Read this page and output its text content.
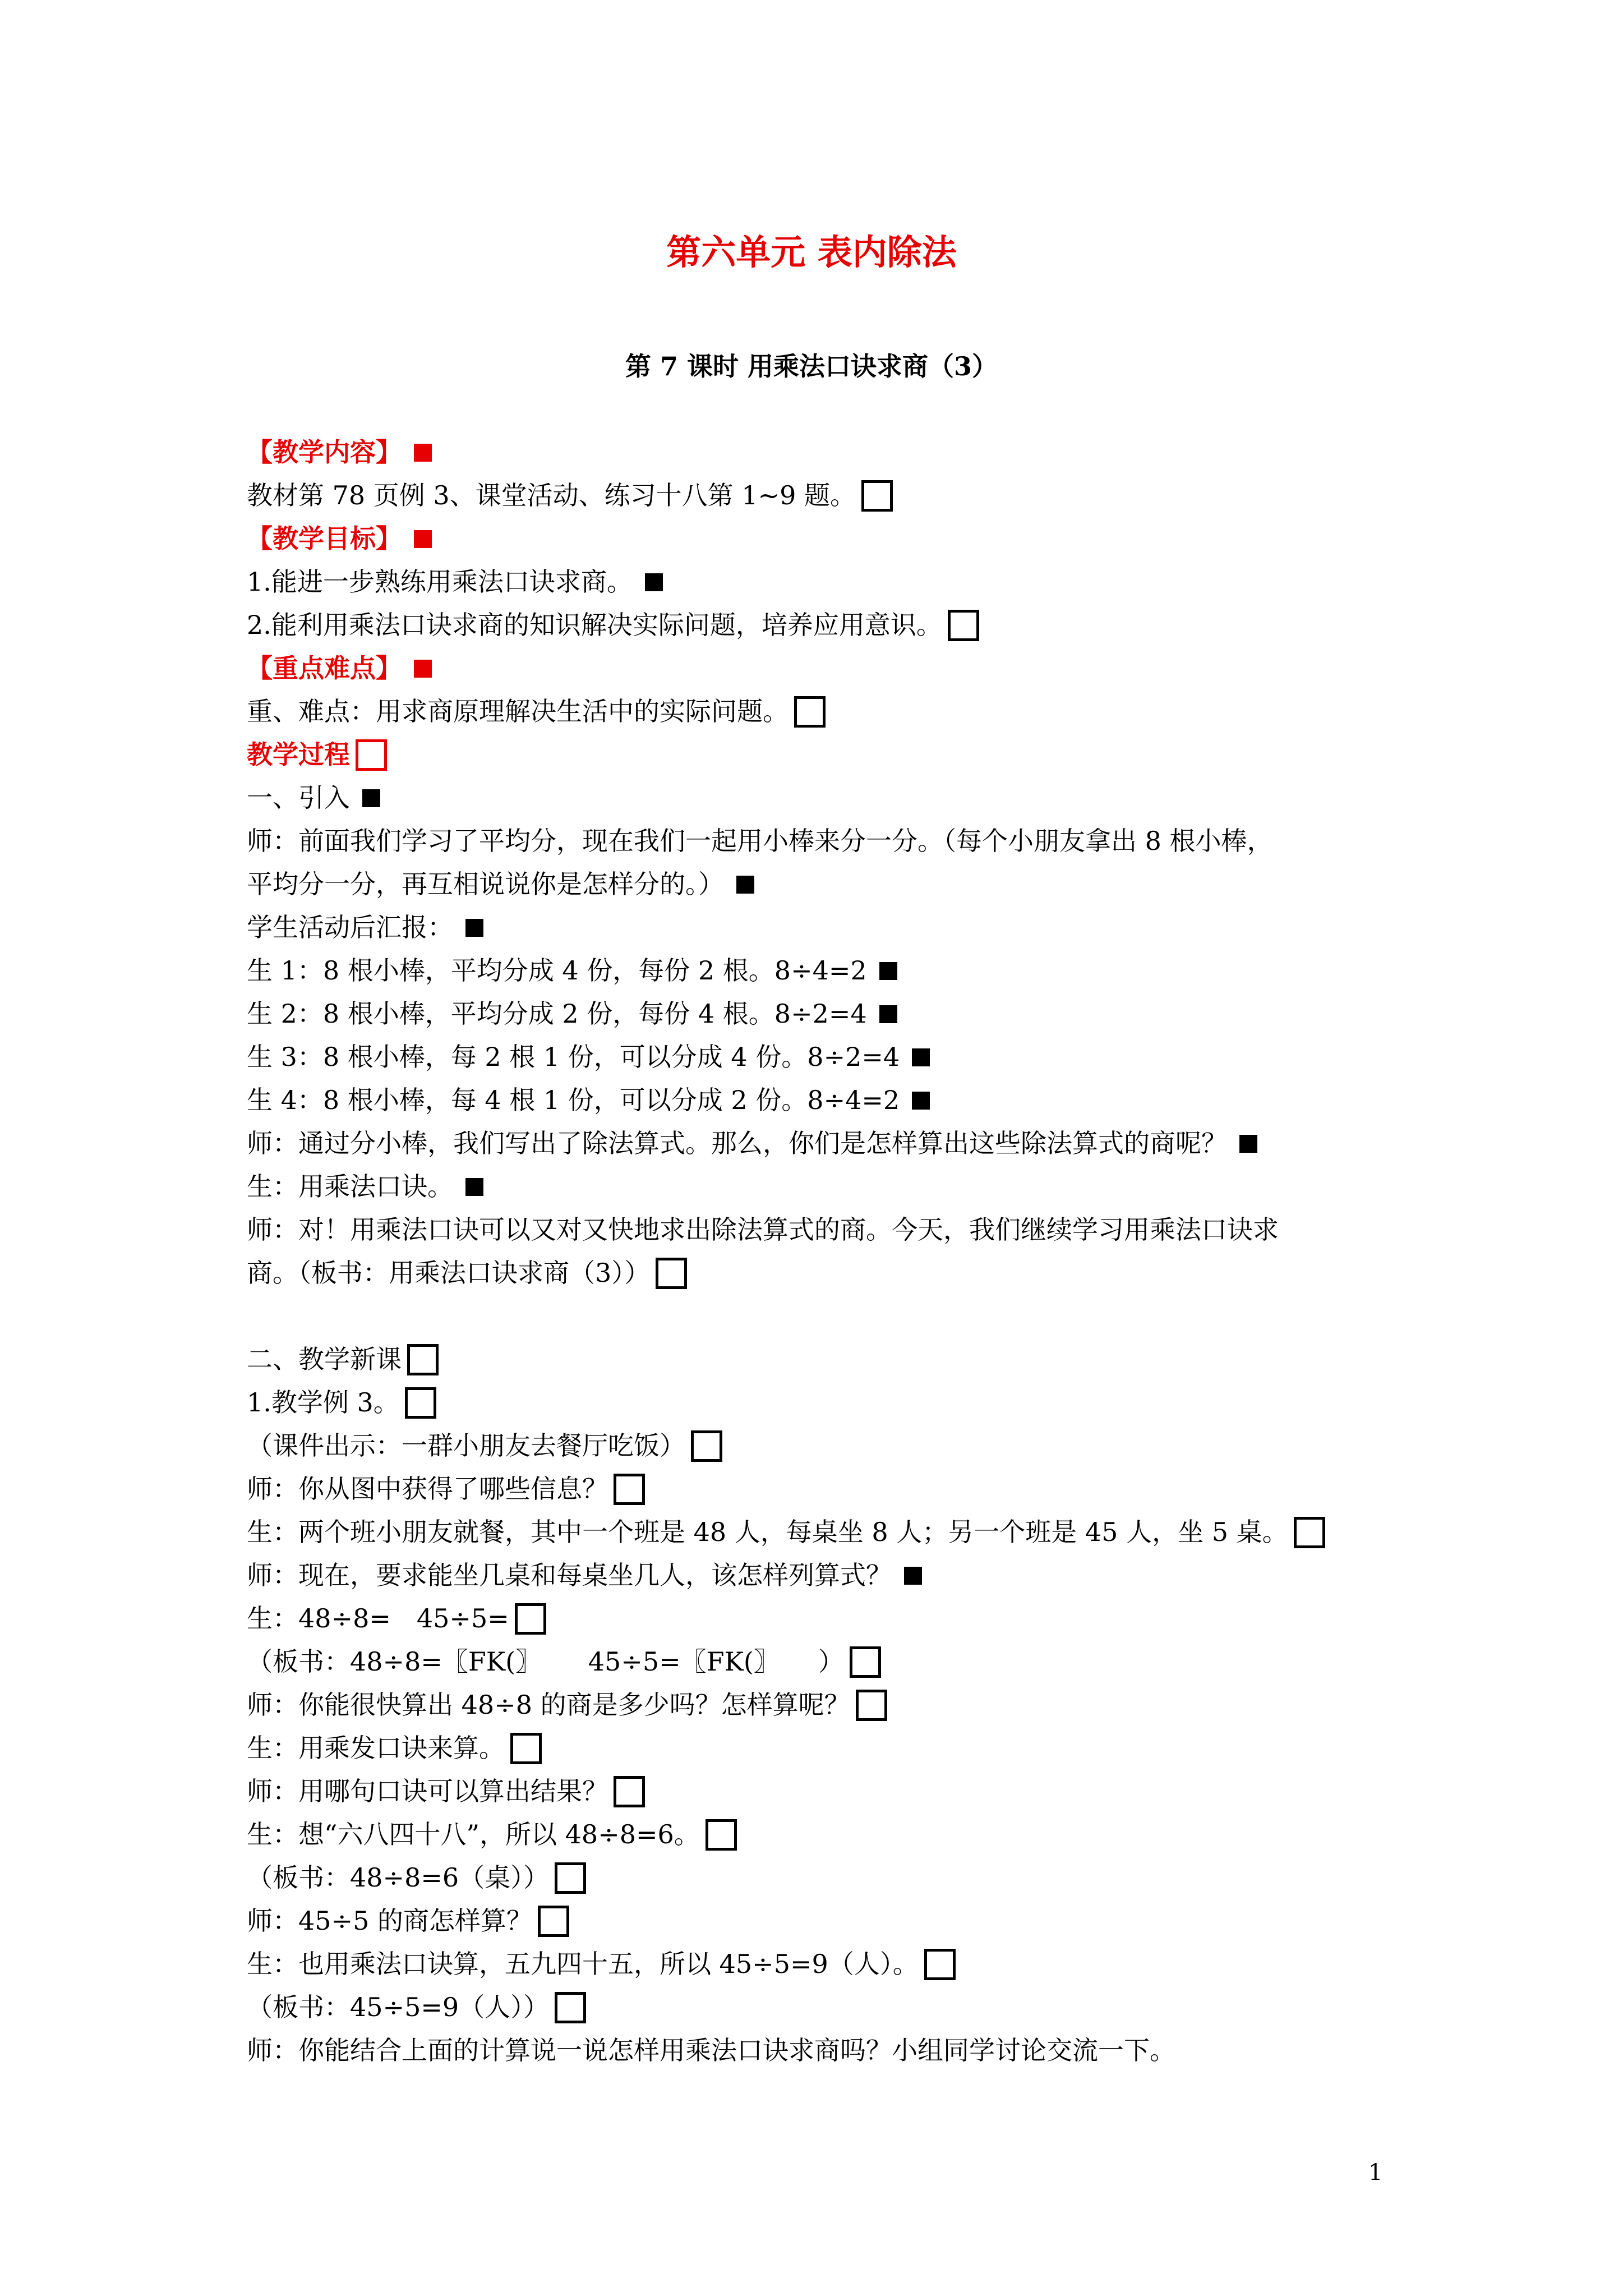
第六单元 表内除法
第 7 课时 用乘法口诀求商（3）
【教学内容】
教材第 78 页例 3、课堂活动、练习十八第 1~9 题。
【教学目标】
1.能进一步熟练用乘法口诀求商。
2.能利用乘法口诀求商的知识解决实际问题，培养应用意识。
【重点难点】
重、难点：用求商原理解决生活中的实际问题。
教学过程
一、引入
师：前面我们学习了平均分，现在我们一起用小棒来分一分。（每个小朋友拿出 8 根小棒，
平均分一分，再互相说说你是怎样分的。）
学生活动后汇报：
生 1：8 根小棒，平均分成 4 份，每份 2 根。8÷4=2
生 2：8 根小棒，平均分成 2 份，每份 4 根。8÷2=4
生 3：8 根小棒，每 2 根 1 份，可以分成 4 份。8÷2=4
生 4：8 根小棒，每 4 根 1 份，可以分成 2 份。8÷4=2
师：通过分小棒，我们写出了除法算式。那么，你们是怎样算出这些除法算式的商呢？
生：用乘法口诀。
师：对！用乘法口诀可以又对又快地求出除法算式的商。今天，我们继续学习用乘法口诀求
商。（板书：用乘法口诀求商（3））
二、教学新课
1.教学例 3。
（课件出示：一群小朋友去餐厅吃饭）
师：你从图中获得了哪些信息？
生：两个班小朋友就餐，其中一个班是 48 人，每桌坐 8 人；另一个班是 45 人，坐 5 桌。
师：现在，要求能坐几桌和每桌坐几人，该怎样列算式？
生：48÷8=　45÷5=
（板书：48÷8=〖FK(〗　　 45÷5=〖FK(〗　　）
师：你能很快算出 48÷8 的商是多少吗？怎样算呢？
生：用乘发口诀来算。
师：用哪句口诀可以算出结果？
生：想“六八四十八”，所以 48÷8=6。
（板书：48÷8=6（桌））
师：45÷5 的商怎样算？
生：也用乘法口诀算，五九四十五，所以 45÷5=9（人）。
（板书：45÷5=9（人））
师：你能结合上面的计算说一说怎样用乘法口诀求商吗？小组同学讨论交流一下。
1
